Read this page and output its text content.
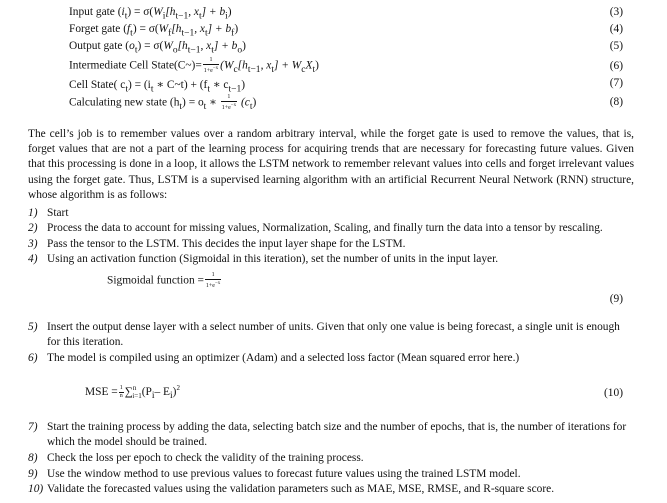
Input gate $(i_t) = \sigma(W_i[h_{t-1}$, $x_t] + b_i$)	(3)
Forget gate $(f_t) = \sigma(W_f[h_{t-1}$, $x_t] + b_f$)	(4)
Output gate $(o_t) = \sigma(W_o[h_{t-1}$, $x_t] + b_o$)	(5)
Intermediate Cell State(C~)= $\frac{1}{1+e^{-x}} (W_c[h_{t-1}$, $x_t] + W_cX_t$)	(6)
Cell State( $c_t) = (i_t$ ∗ C~t) + ($f_t$ ∗ $c_{t-1}$)	(7)
Calculating new state $(h_t) = o_t$ ∗ $\frac{1}{1+e^{-x}} (c_t)$	(8)
The cell’s job is to remember values over a random arbitrary interval, while the forget gate is used to remove the values, that is, forget values that are not a part of the learning process for acquiring trends that are necessary for forecasting future values. Given that this processing is done in a loop, it allows the LSTM network to remember relevant values into cells and forget irrelevant values using the forget gate. Thus, LSTM is a supervised learning algorithm with an artificial Recurrent Neural Network (RNN) structure, whose algorithm is as follows:
1) Start
2) Process the data to account for missing values, Normalization, Scaling, and finally turn the data into a tensor by rescaling.
3) Pass the tensor to the LSTM. This decides the input layer shape for the LSTM.
4) Using an activation function (Sigmoidal in this iteration), set the number of units in the input layer.
Sigmoidal function = $\frac{1}{1+e^{-x}}$
(9)
5) Insert the output dense layer with a select number of units. Given that only one value is being forecast, a single unit is enough for this iteration.
6) The model is compiled using an optimizer (Adam) and a selected loss factor (Mean squared error here.)
MSE = $\frac{1}{n} \sum^n_{i=1}(P_i-$ $E_i)^2$	(10)
7) Start the training process by adding the data, selecting batch size and the number of epochs, that is, the number of iterations for which the model should be trained.
8) Check the loss per epoch to check the validity of the training process.
9) Use the window method to use previous values to forecast future values using the trained LSTM model.
10) Validate the forecasted values using the validation parameters such as MAE, MSE, RMSE, and R-square score.
